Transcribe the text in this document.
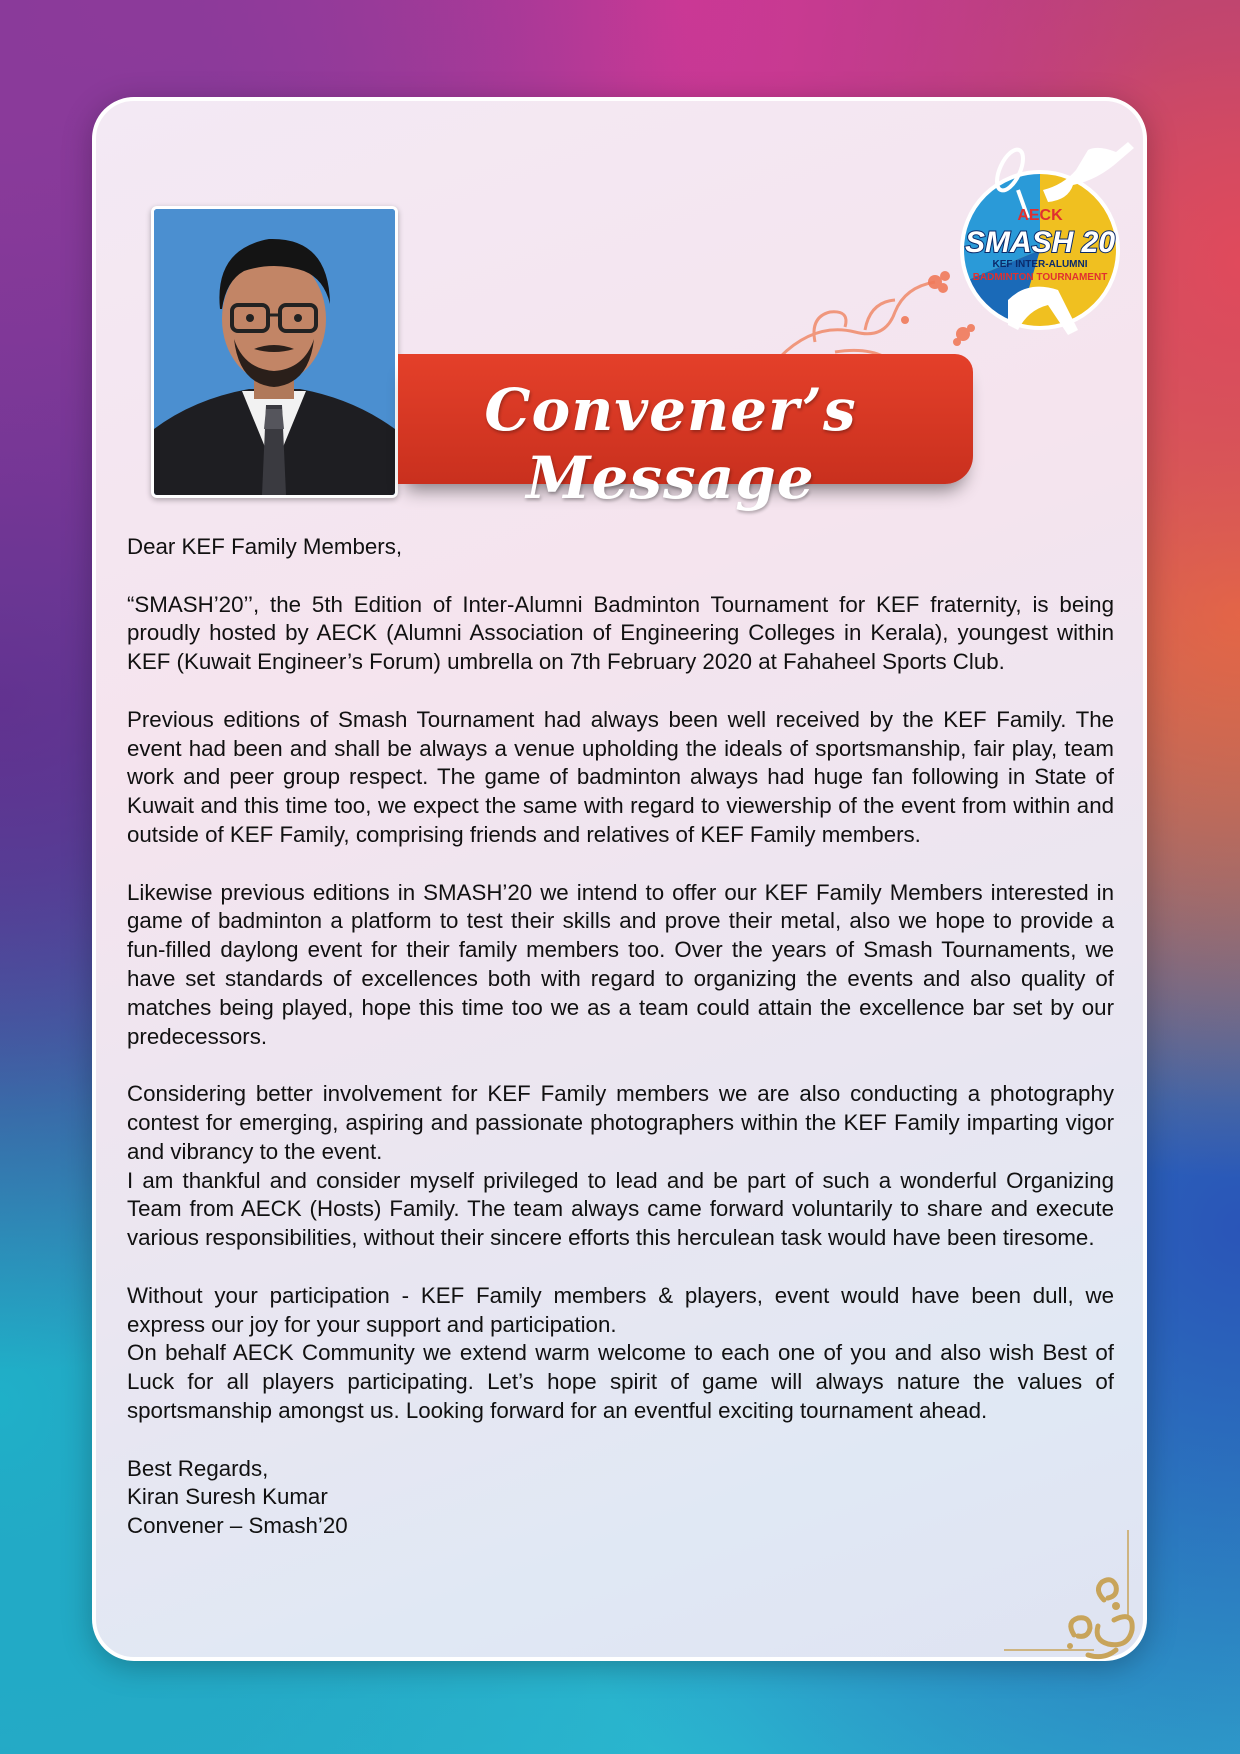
Convener’s Message
AECK
SMASH 20
KEF INTER-ALUMNI
BADMINTON TOURNAMENT

Dear KEF Family Members,

“SMASH’20’’, the 5th Edition of Inter-Alumni Badminton Tournament for KEF fraternity, is being proudly hosted by AECK (Alumni Association of Engineering Colleges in Kerala), youngest within KEF (Kuwait Engineer’s Forum) umbrella on 7th February 2020 at Fahaheel Sports Club.

Previous editions of Smash Tournament had always been well received by the KEF Family. The event had been and shall be always a venue upholding the ideals of sportsmanship, fair play, team work and peer group respect. The game of badminton always had huge fan following in State of Kuwait and this time too, we expect the same with regard to viewership of the event from within and outside of KEF Family, comprising friends and relatives of KEF Family members.

Likewise previous editions in SMASH’20 we intend to offer our KEF Family Members interested in game of badminton a platform to test their skills and prove their metal, also we hope to provide a fun-filled daylong event for their family members too. Over the years of Smash Tournaments, we have set standards of excellences both with regard to organizing the events and also quality of matches being played, hope this time too we as a team could attain the excellence bar set by our predecessors.

Considering better involvement for KEF Family members we are also conducting a photography contest for emerging, aspiring and passionate photographers within the KEF Family imparting vigor and vibrancy to the event.

I am thankful and consider myself privileged to lead and be part of such a wonderful Organizing Team from AECK (Hosts) Family. The team always came forward voluntarily to share and execute various responsibilities, without their sincere efforts this herculean task would have been tiresome.

Without your participation - KEF Family members & players, event would have been dull, we express our joy for your support and participation.

On behalf AECK Community we extend warm welcome to each one of you and also wish Best of Luck for all players participating. Let’s hope spirit of game will always nature the values of sportsmanship amongst us. Looking forward for an eventful exciting tournament ahead.

Best Regards,

Kiran Suresh Kumar

Convener – Smash’20
